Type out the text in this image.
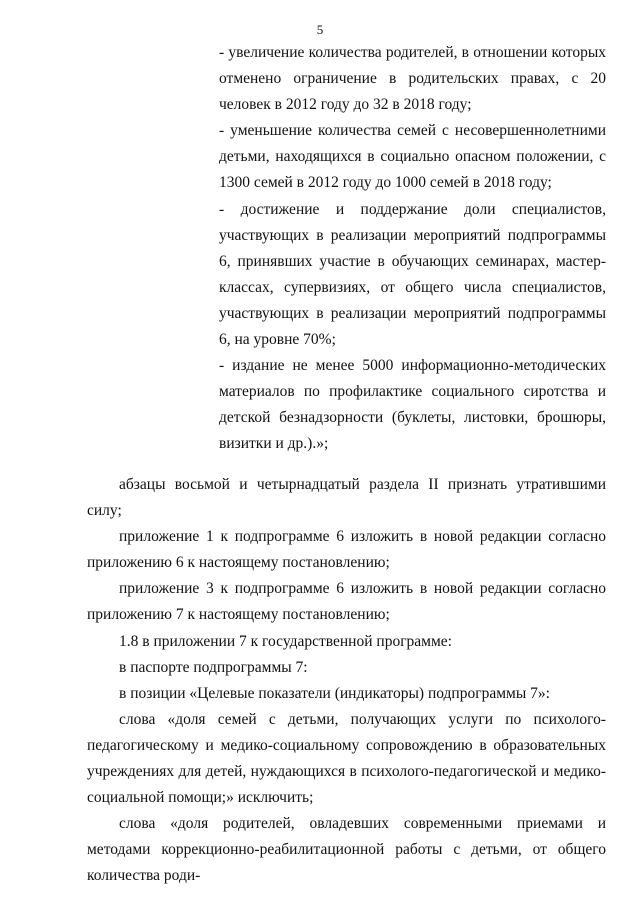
5

- увеличение количества родителей, в отношении которых отменено ограничение в родительских правах, с 20 человек в 2012 году до 32 в 2018 году;

- уменьшение количества семей с несовершеннолетними детьми, находящихся в социально опасном положении, с 1300 семей в 2012 году до 1000 семей в 2018 году;

- достижение и поддержание доли специалистов, участвующих в реализации мероприятий подпрограммы 6, принявших участие в обучающих семинарах, мастер-классах, супервизиях, от общего числа специалистов, участвующих в реализации мероприятий подпрограммы 6, на уровне 70%;

- издание не менее 5000 информационно-методических материалов по профилактике социального сиротства и детской безнадзорности (буклеты, листовки, брошюры, визитки и др.).»;

абзацы восьмой и четырнадцатый раздела II признать утратившими силу;

приложение 1 к подпрограмме 6 изложить в новой редакции согласно приложению 6 к настоящему постановлению;

приложение 3 к подпрограмме 6 изложить в новой редакции согласно приложению 7 к настоящему постановлению;

1.8 в приложении 7 к государственной программе:

в паспорте подпрограммы 7:

в позиции «Целевые показатели (индикаторы) подпрограммы 7»:

слова «доля семей с детьми, получающих услуги по психолого-педагогическому и медико-социальному сопровождению в образовательных учреждениях для детей, нуждающихся в психолого-педагогической и медико-социальной помощи;» исключить;

слова «доля родителей, овладевших современными приемами и методами коррекционно-реабилитационной работы с детьми, от общего количества роди-
